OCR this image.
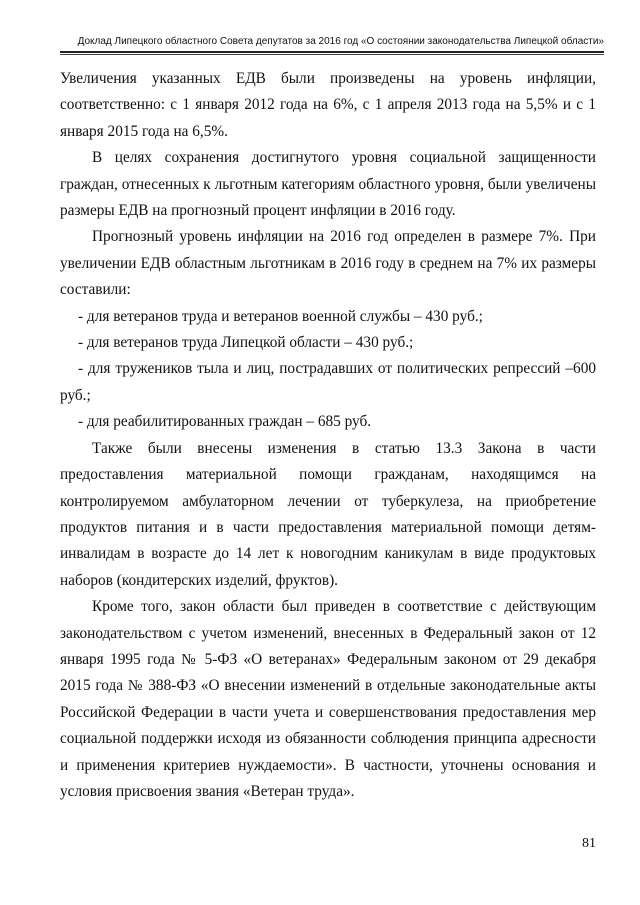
Доклад Липецкого областного Совета депутатов за 2016 год «О состоянии законодательства Липецкой области»

Увеличения указанных ЕДВ были произведены на уровень инфляции, соответственно: с 1 января 2012 года на 6%, с 1 апреля 2013 года на 5,5% и с 1 января 2015 года на 6,5%.

В целях сохранения достигнутого уровня социальной защищенности граждан, отнесенных к льготным категориям областного уровня, были увеличены размеры ЕДВ на прогнозный процент инфляции в 2016 году.

Прогнозный уровень инфляции на 2016 год определен в размере 7%. При увеличении ЕДВ областным льготникам в 2016 году в среднем на 7% их размеры составили:

- для ветеранов труда и ветеранов военной службы – 430 руб.;

- для ветеранов труда Липецкой области – 430 руб.;

- для тружеников тыла и лиц, пострадавших от политических репрессий –600 руб.;

- для реабилитированных граждан – 685 руб.

Также были внесены изменения в статью 13.3 Закона в части предоставления материальной помощи гражданам, находящимся на контролируемом амбулаторном лечении от туберкулеза, на приобретение продуктов питания и в части предоставления материальной помощи детям-инвалидам в возрасте до 14 лет к новогодним каникулам в виде продуктовых наборов (кондитерских изделий, фруктов).

Кроме того, закон области был приведен в соответствие с действующим законодательством с учетом изменений, внесенных в Федеральный закон от 12 января 1995 года № 5-ФЗ «О ветеранах» Федеральным законом от 29 декабря 2015 года № 388-ФЗ «О внесении изменений в отдельные законодательные акты Российской Федерации в части учета и совершенствования предоставления мер социальной поддержки исходя из обязанности соблюдения принципа адресности и применения критериев нуждаемости». В частности, уточнены основания и условия присвоения звания «Ветеран труда».

81
